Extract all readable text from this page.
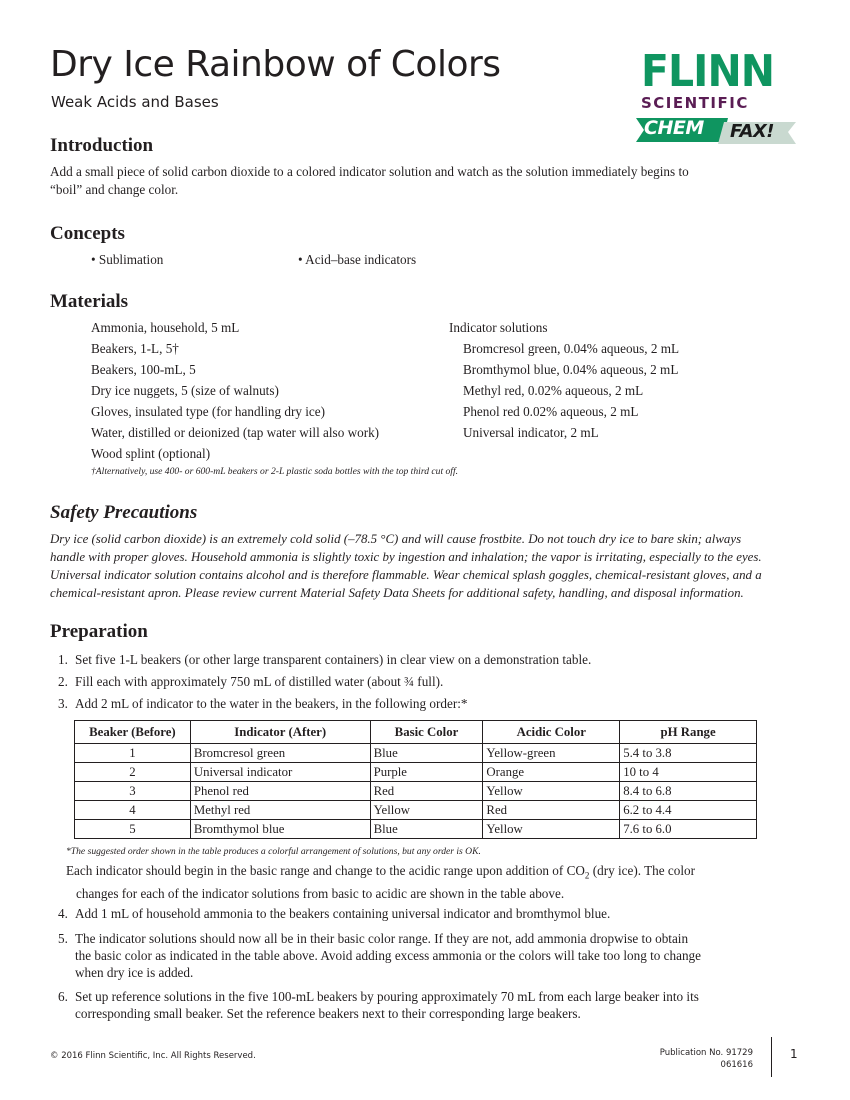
Dry Ice Rainbow of Colors
Weak Acids and Bases
FLINN
SCIENTIFIC
CHEM FAX!
Introduction
Add a small piece of solid carbon dioxide to a colored indicator solution and watch as the solution immediately begins to
“boil” and change color.
Concepts
• Sublimation	• Acid–base indicators
Materials
Ammonia, household, 5 mL
Beakers, 1-L, 5†
Beakers, 100-mL, 5
Dry ice nuggets, 5 (size of walnuts)
Gloves, insulated type (for handling dry ice)
Water, distilled or deionized (tap water will also work)
Wood splint (optional)
Indicator solutions
Bromcresol green, 0.04% aqueous, 2 mL
Bromthymol blue, 0.04% aqueous, 2 mL
Methyl red, 0.02% aqueous, 2 mL
Phenol red 0.02% aqueous, 2 mL
Universal indicator, 2 mL
†Alternatively, use 400- or 600-mL beakers or 2-L plastic soda bottles with the top third cut off.
Safety Precautions
Dry ice (solid carbon dioxide) is an extremely cold solid (–78.5 °C) and will cause frostbite. Do not touch dry ice to bare skin; always
handle with proper gloves. Household ammonia is slightly toxic by ingestion and inhalation; the vapor is irritating, especially to the eyes.
Universal indicator solution contains alcohol and is therefore flammable. Wear chemical splash goggles, chemical-resistant gloves, and a
chemical-resistant apron. Please review current Material Safety Data Sheets for additional safety, handling, and disposal information.
Preparation
1. Set five 1-L beakers (or other large transparent containers) in clear view on a demonstration table.
2. Fill each with approximately 750 mL of distilled water (about ¾ full).
3. Add 2 mL of indicator to the water in the beakers, in the following order:*
Beaker (Before)	Indicator (After)	Basic Color	Acidic Color	pH Range
1	Bromcresol green	Blue	Yellow-green	5.4 to 3.8
2	Universal indicator	Purple	Orange	10 to 4
3	Phenol red	Red	Yellow	8.4 to 6.8
4	Methyl red	Yellow	Red	6.2 to 4.4
5	Bromthymol blue	Blue	Yellow	7.6 to 6.0
*The suggested order shown in the table produces a colorful arrangement of solutions, but any order is OK.
Each indicator should begin in the basic range and change to the acidic range upon addition of $CO_2$ (dry ice). The color
changes for each of the indicator solutions from basic to acidic are shown in the table above.
4. Add 1 mL of household ammonia to the beakers containing universal indicator and bromthymol blue.
5. The indicator solutions should now all be in their basic color range. If they are not, add ammonia dropwise to obtain
the basic color as indicated in the table above. Avoid adding excess ammonia or the colors will take too long to change
when dry ice is added.
6. Set up reference solutions in the five 100-mL beakers by pouring approximately 70 mL from each large beaker into its
corresponding small beaker. Set the reference beakers next to their corresponding large beakers.
© 2016 Flinn Scientific, Inc. All Rights Reserved.	Publication No. 91729
061616
1
